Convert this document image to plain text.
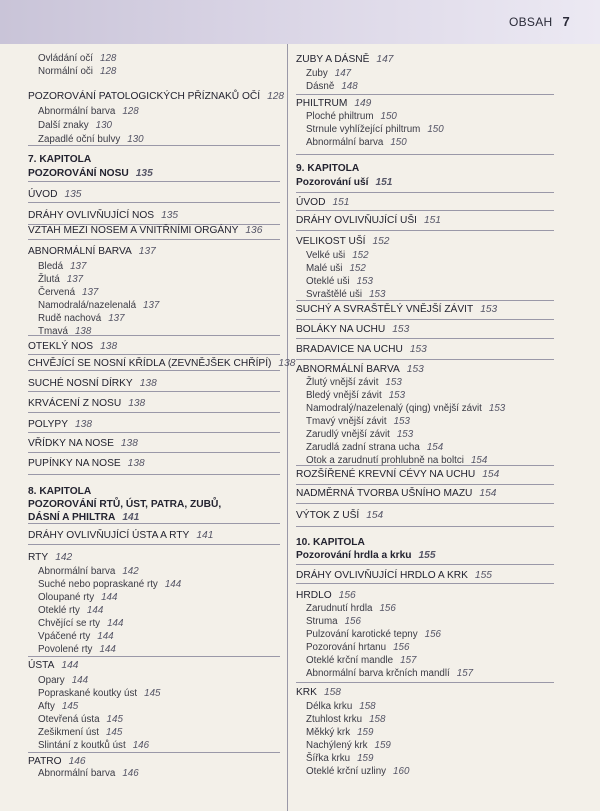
OBSAH 7
Ovládání očí 128
Normální oči 128
POZOROVÁNÍ PATOLOGICKÝCH PŘÍZNAKŮ OČÍ 128
Abnormální barva 128
Další znaky 130
Zapadlé oční bulvy 130
7. KAPITOLA
POZOROVÁNÍ NOSU 135
ÚVOD 135
DRÁHY OVLIVŇUJÍCÍ NOS 135
VZTAH MEZI NOSEM A VNITŘNÍMI ORGÁNY 136
ABNORMÁLNÍ BARVA 137
Bledá 137
Žlutá 137
Červená 137
Namodralá/nazelenalá 137
Rudě nachová 137
Tmavá 138
OTEKLÝ NOS 138
CHVĚJÍCÍ SE NOSNÍ KŘÍDLA (ZEVNĚJŠEK CHŘÍPÍ) 138
SUCHÉ NOSNÍ DÍRKY 138
KRVÁCENÍ Z NOSU 138
POLYPY 138
VŘÍDKY NA NOSE 138
PUPÍNKY NA NOSE 138
8. KAPITOLA
POZOROVÁNÍ RTŮ, ÚST, PATRA, ZUBŮ,
DÁSNÍ A PHILTRA 141
DRÁHY OVLIVŇUJÍCÍ ÚSTA A RTY 141
RTY 142
Abnormální barva 142
Suché nebo popraskané rty 144
Oloupané rty 144
Oteklé rty 144
Chvějící se rty 144
Vpáčené rty 144
Povolené rty 144
ÚSTA 144
Opary 144
Popraskané koutky úst 145
Afty 145
Otevřená ústa 145
Zešikmení úst 145
Slintání z koutků úst 146
PATRO 146
Abnormální barva 146
ZUBY A DÁSNĚ 147
Zuby 147
Dásně 148
PHILTRUM 149
Ploché philtrum 150
Strnule vyhlížející philtrum 150
Abnormální barva 150
9. KAPITOLA
Pozorování uší 151
ÚVOD 151
DRÁHY OVLIVŇUJÍCÍ UŠI 151
VELIKOST UŠÍ 152
Velké uši 152
Malé uši 152
Oteklé uši 153
Svraštělé uši 153
SUCHÝ A SVRAŠTĚLÝ VNĚJŠÍ ZÁVIT 153
BOLÁKY NA UCHU 153
BRADAVICE NA UCHU 153
ABNORMÁLNÍ BARVA 153
Žlutý vnější závit 153
Bledý vnější závit 153
Namodralý/nazelenalý (qing) vnější závit 153
Tmavý vnější závit 153
Zarudlý vnější závit 153
Zarudlá zadní strana ucha 154
Otok a zarudnutí prohlubně na boltci 154
ROZŠÍŘENÉ KREVNÍ CÉVY NA UCHU 154
NADMĚRNÁ TVORBA UŠNÍHO MAZU 154
VÝTOK Z UŠÍ 154
10. KAPITOLA
Pozorování hrdla a krku 155
DRÁHY OVLIVŇUJÍCÍ HRDLO A KRK 155
HRDLO 156
Zarudnutí hrdla 156
Struma 156
Pulzování karotické tepny 156
Pozorování hrtanu 156
Oteklé krční mandle 157
Abnormální barva krčních mandlí 157
KRK 158
Délka krku 158
Ztuhlost krku 158
Měkký krk 159
Nachýlený krk 159
Šířka krku 159
Oteklé krční uzliny 160
